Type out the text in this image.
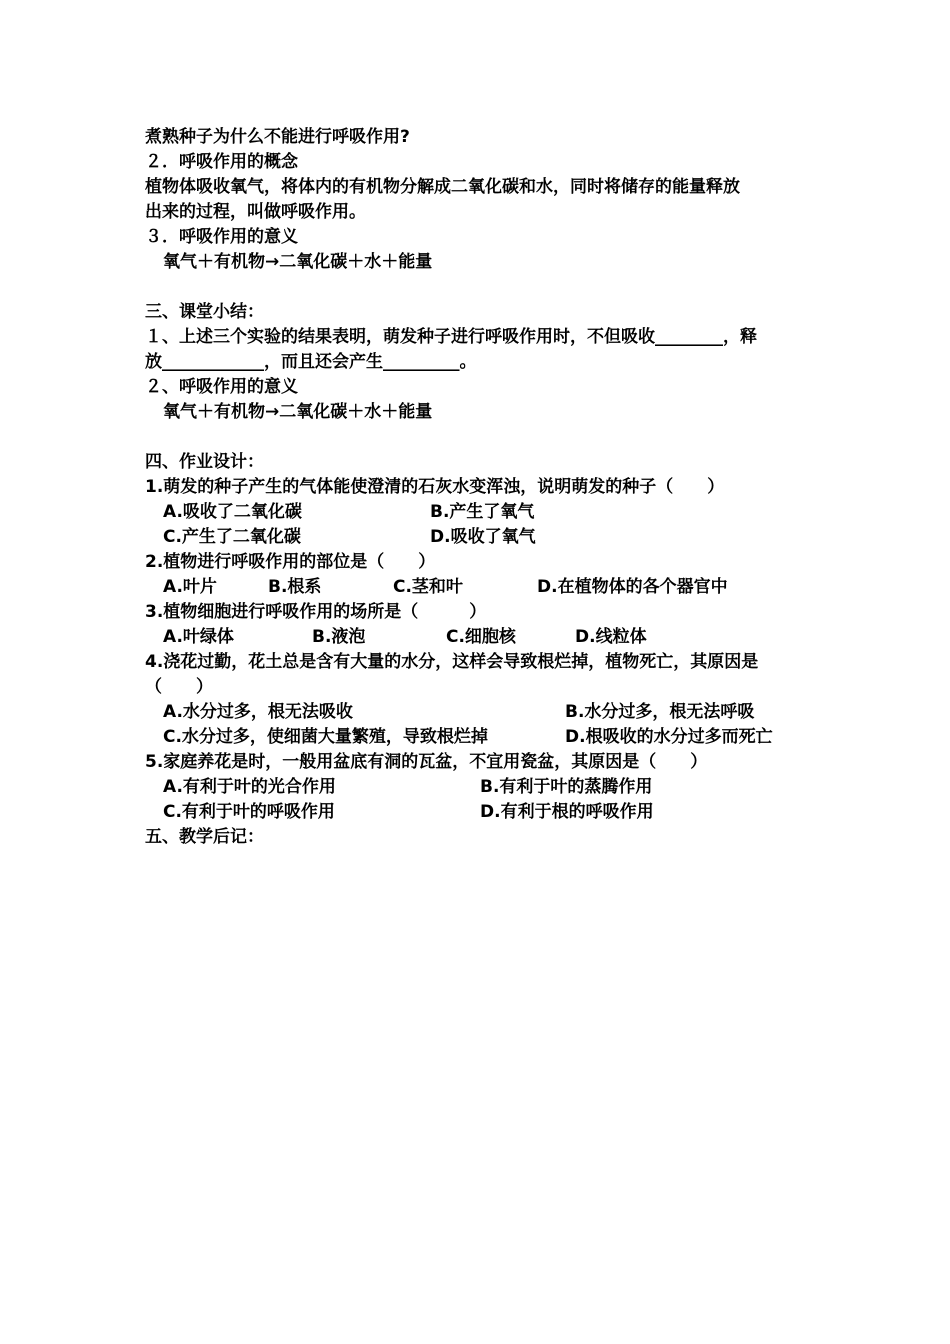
煮熟种子为什么不能进行呼吸作用?
２．呼吸作用的概念
植物体吸收氧气，将体内的有机物分解成二氧化碳和水，同时将储存的能量释放
出来的过程，叫做呼吸作用。
３．呼吸作用的意义
氧气＋有机物→二氧化碳＋水＋能量
三、课堂小结：
１、上述三个实验的结果表明，萌发种子进行呼吸作用时，不但吸收________，释
放____________，而且还会产生_________。
２、呼吸作用的意义
氧气＋有机物→二氧化碳＋水＋能量
四、作业设计：
1.萌发的种子产生的气体能使澄清的石灰水变浑浊，说明萌发的种子（　　）
A.吸收了二氧化碳	B.产生了氧气
C.产生了二氧化碳	D.吸收了氧气
2.植物进行呼吸作用的部位是（　　）
A.叶片	B.根系	C.茎和叶	D.在植物体的各个器官中
3.植物细胞进行呼吸作用的场所是（　　　）
A.叶绿体	B.液泡	C.细胞核	D.线粒体
4.浇花过勤，花土总是含有大量的水分，这样会导致根烂掉，植物死亡，其原因是
（　　）
A.水分过多，根无法吸收	B.水分过多，根无法呼吸
C.水分过多，使细菌大量繁殖，导致根烂掉	D.根吸收的水分过多而死亡
5.家庭养花是时，一般用盆底有洞的瓦盆，不宜用瓷盆，其原因是（　　）
A.有利于叶的光合作用	B.有利于叶的蒸腾作用
C.有利于叶的呼吸作用	D.有利于根的呼吸作用
五、教学后记：
